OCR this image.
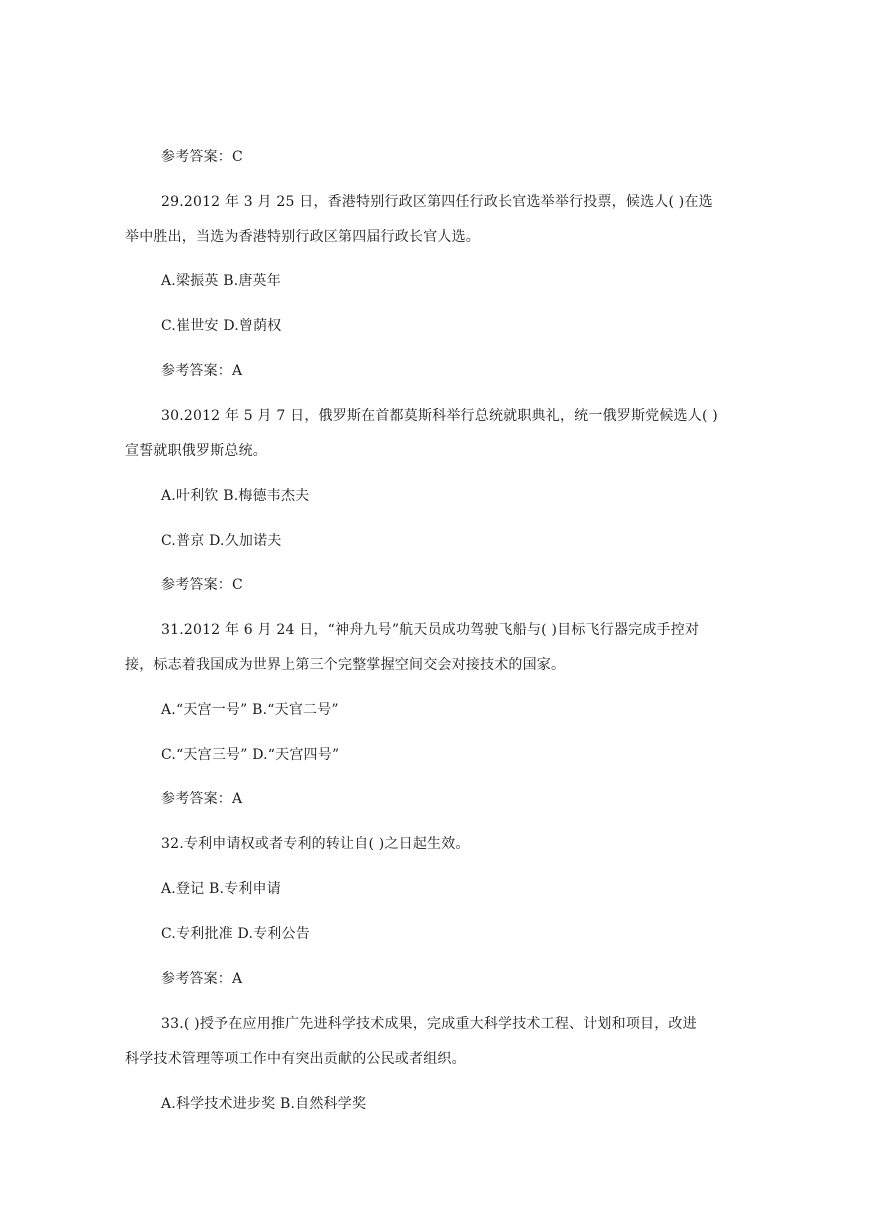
参考答案：C
29.2012 年 3 月 25 日，香港特别行政区第四任行政长官选举举行投票，候选人( )在选
举中胜出，当选为香港特别行政区第四届行政长官人选。
A.梁振英 B.唐英年
C.崔世安 D.曾荫权
参考答案：A
30.2012 年 5 月 7 日，俄罗斯在首都莫斯科举行总统就职典礼，统一俄罗斯党候选人( )
宣誓就职俄罗斯总统。
A.叶利钦 B.梅德韦杰夫
C.普京 D.久加诺夫
参考答案：C
31.2012 年 6 月 24 日，“神舟九号”航天员成功驾驶飞船与( )目标飞行器完成手控对
接，标志着我国成为世界上第三个完整掌握空间交会对接技术的国家。
A.“天宫一号” B.“天官二号”
C.“天宫三号” D.“天宫四号”
参考答案：A
32.专利申请权或者专利的转让自( )之日起生效。
A.登记 B.专利申请
C.专利批准 D.专利公告
参考答案：A
33.( )授予在应用推广先进科学技术成果，完成重大科学技术工程、计划和项目，改进
科学技术管理等项工作中有突出贡献的公民或者组织。
A.科学技术进步奖 B.自然科学奖
